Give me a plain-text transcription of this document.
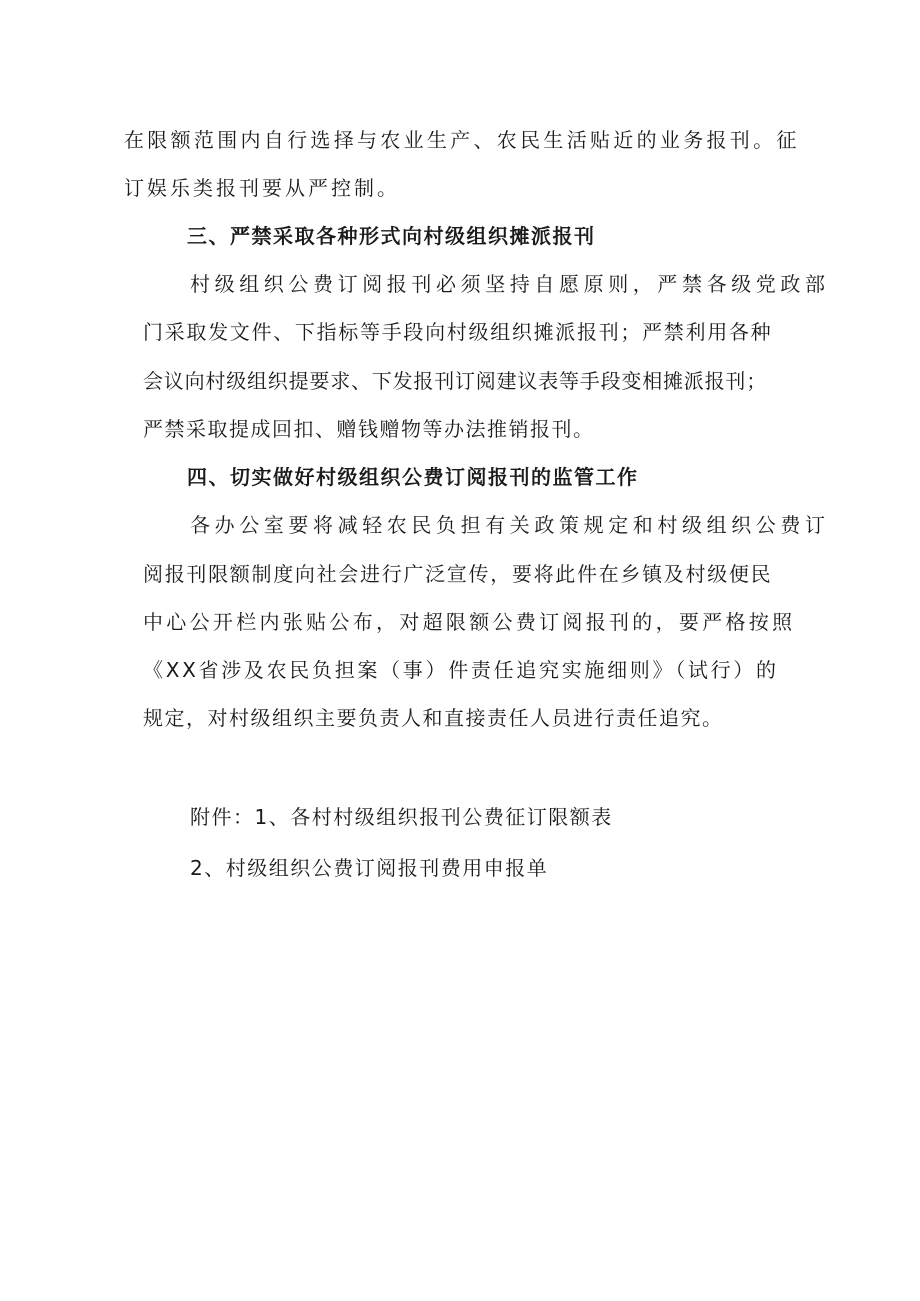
在限额范围内自行选择与农业生产、农民生活贴近的业务报刊。征
订娱乐类报刊要从严控制。
三、严禁采取各种形式向村级组织摊派报刊
村级组织公费订阅报刊必须坚持自愿原则，严禁各级党政部
门采取发文件、下指标等手段向村级组织摊派报刊；严禁利用各种
会议向村级组织提要求、下发报刊订阅建议表等手段变相摊派报刊；
严禁采取提成回扣、赠钱赠物等办法推销报刊。
四、切实做好村级组织公费订阅报刊的监管工作
各办公室要将减轻农民负担有关政策规定和村级组织公费订
阅报刊限额制度向社会进行广泛宣传，要将此件在乡镇及村级便民
中心公开栏内张贴公布，对超限额公费订阅报刊的，要严格按照
《XX省涉及农民负担案（事）件责任追究实施细则》（试行）的
规定，对村级组织主要负责人和直接责任人员进行责任追究。
附件：1、各村村级组织报刊公费征订限额表
2、村级组织公费订阅报刊费用申报单
